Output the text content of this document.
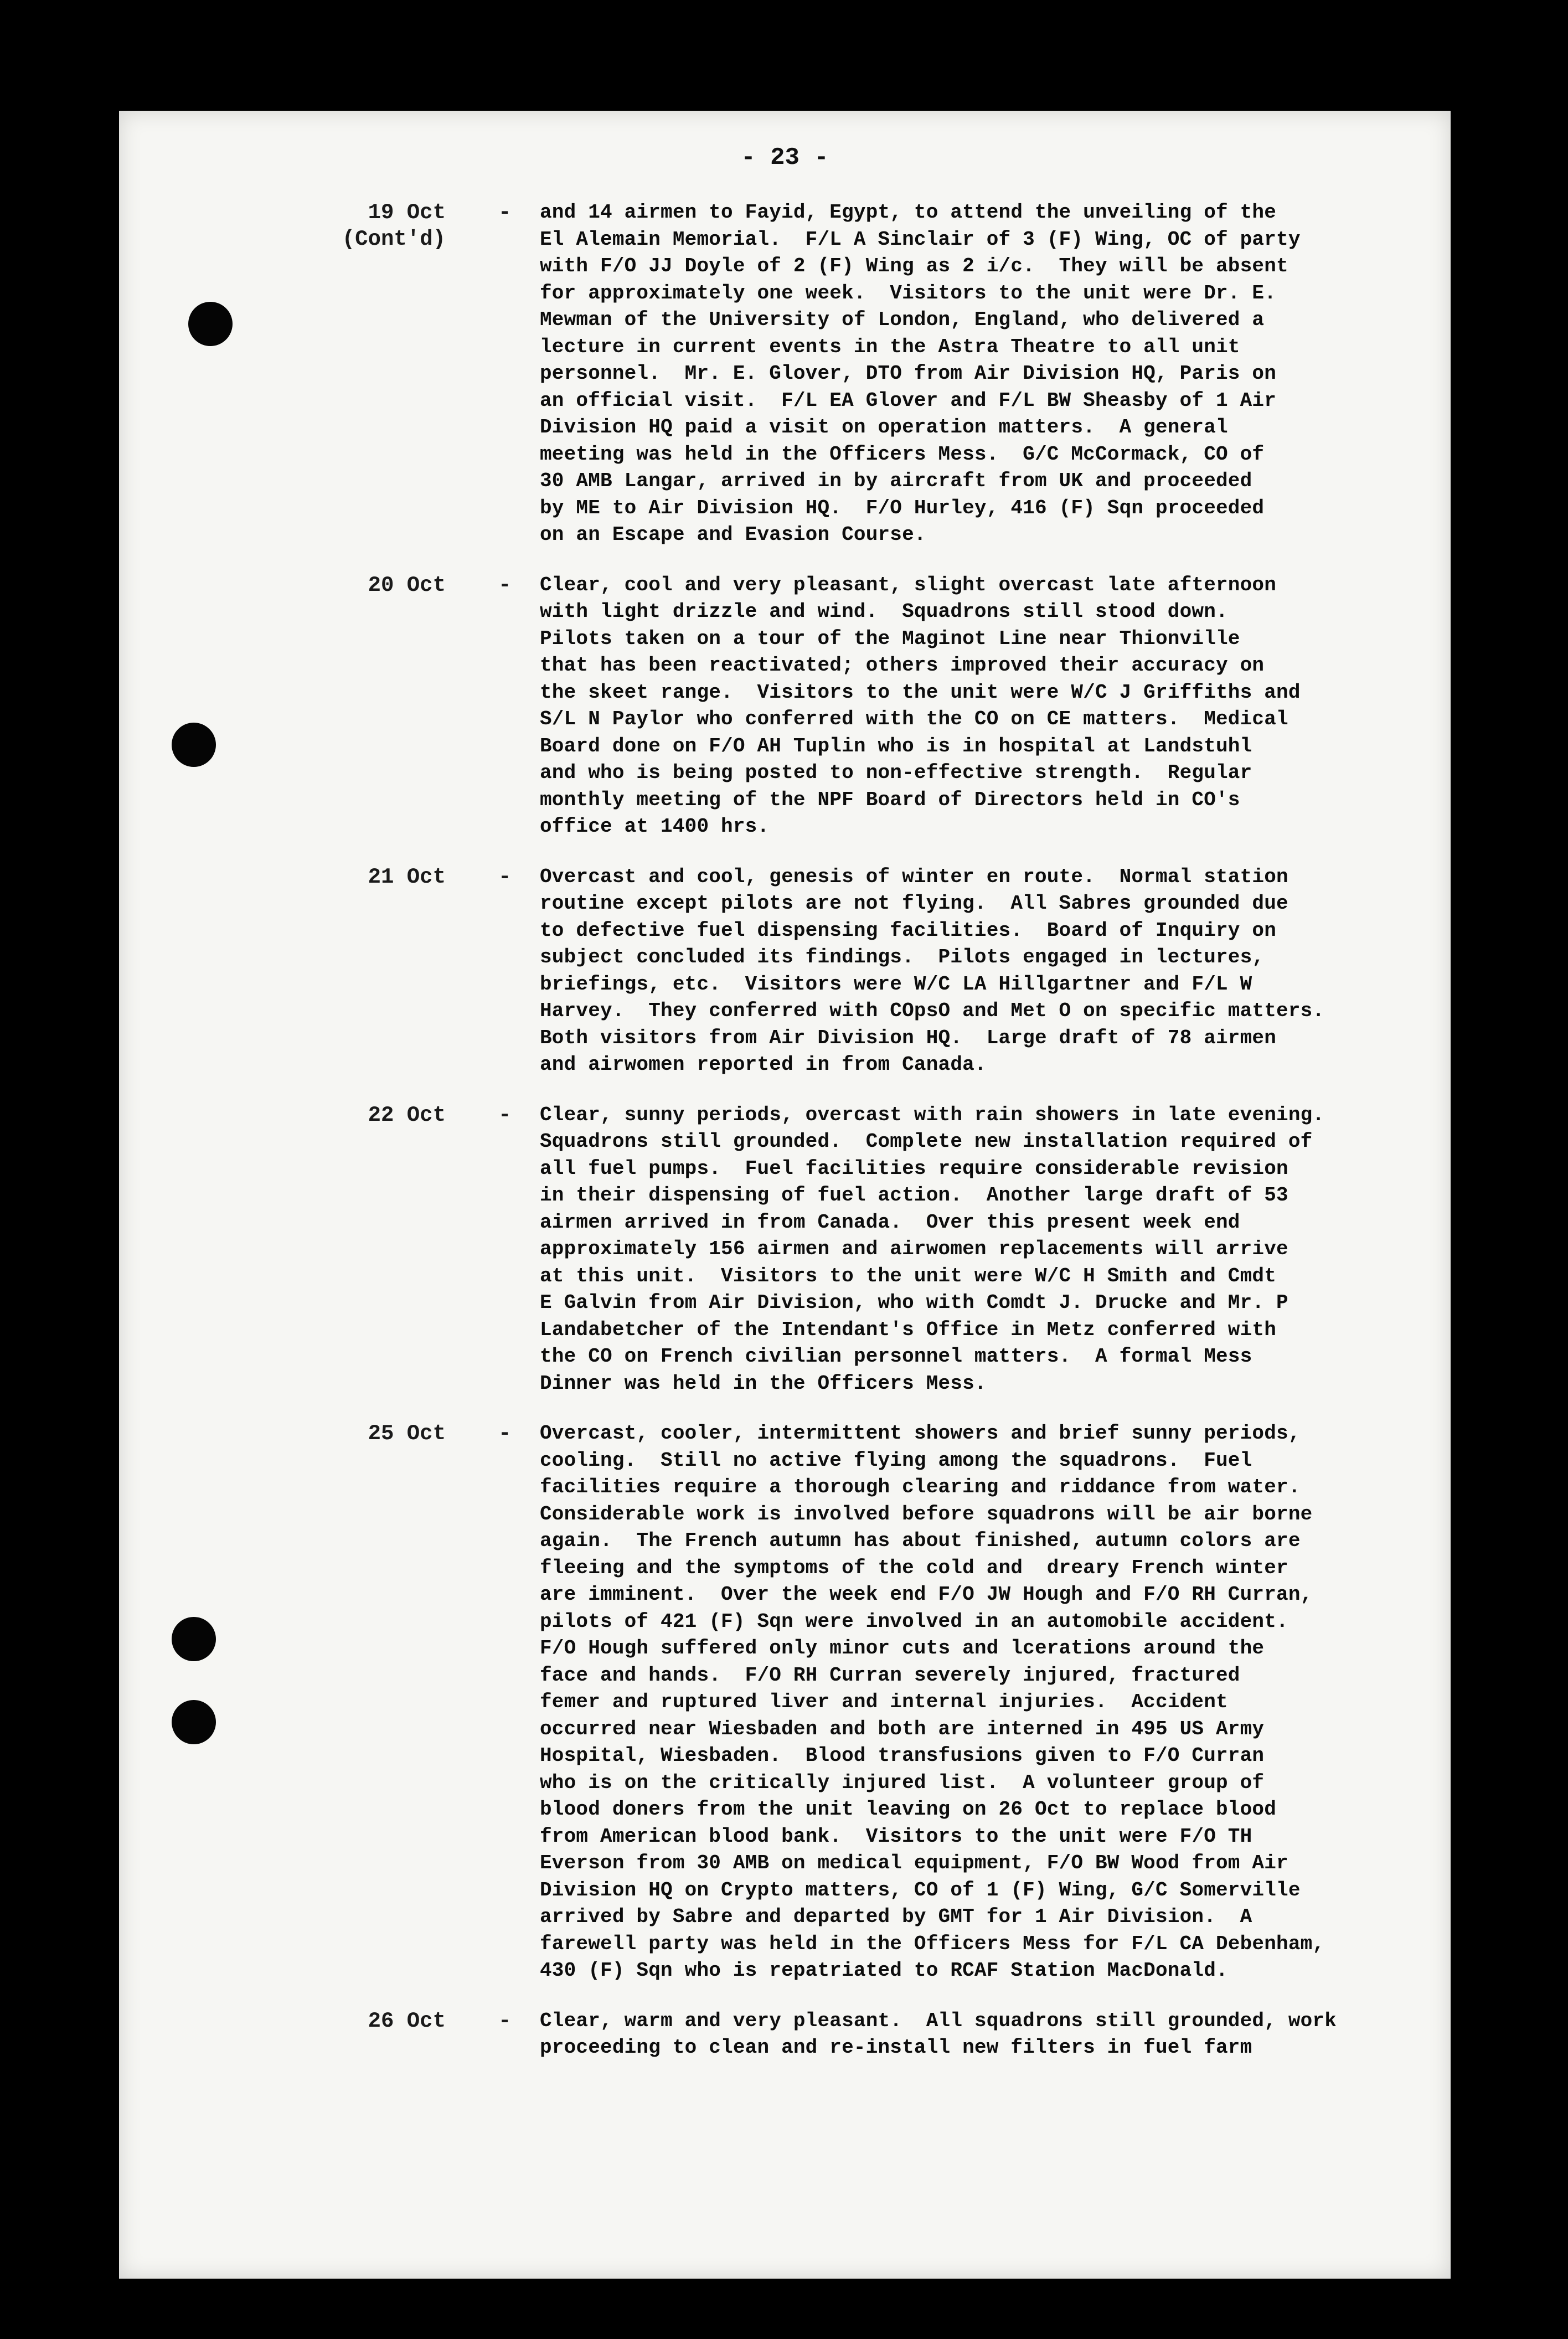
- 23 -
19 Oct
(Cont'd)
- and 14 airmen to Fayid, Egypt, to attend the unveiling of the
El Alemain Memorial.  F/L A Sinclair of 3 (F) Wing, OC of party
with F/O JJ Doyle of 2 (F) Wing as 2 i/c.  They will be absent
for approximately one week.  Visitors to the unit were Dr. E.
Mewman of the University of London, England, who delivered a
lecture in current events in the Astra Theatre to all unit
personnel.  Mr. E. Glover, DTO from Air Division HQ, Paris on
an official visit.  F/L EA Glover and F/L BW Sheasby of 1 Air
Division HQ paid a visit on operation matters.  A general
meeting was held in the Officers Mess.  G/C McCormack, CO of
30 AMB Langar, arrived in by aircraft from UK and proceeded
by ME to Air Division HQ.  F/O Hurley, 416 (F) Sqn proceeded
on an Escape and Evasion Course.
20 Oct - Clear, cool and very pleasant, slight overcast late afternoon
with light drizzle and wind.  Squadrons still stood down.
Pilots taken on a tour of the Maginot Line near Thionville
that has been reactivated; others improved their accuracy on
the skeet range.  Visitors to the unit were W/C J Griffiths and
S/L N Paylor who conferred with the CO on CE matters.  Medical
Board done on F/O AH Tuplin who is in hospital at Landstuhl
and who is being posted to non-effective strength.  Regular
monthly meeting of the NPF Board of Directors held in CO's
office at 1400 hrs.
21 Oct - Overcast and cool, genesis of winter en route.  Normal station
routine except pilots are not flying.  All Sabres grounded due
to defective fuel dispensing facilities.  Board of Inquiry on
subject concluded its findings.  Pilots engaged in lectures,
briefings, etc.  Visitors were W/C LA Hillgartner and F/L W
Harvey.  They conferred with COpsO and Met O on specific matters.
Both visitors from Air Division HQ.  Large draft of 78 airmen
and airwomen reported in from Canada.
22 Oct - Clear, sunny periods, overcast with rain showers in late evening.
Squadrons still grounded.  Complete new installation required of
all fuel pumps.  Fuel facilities require considerable revision
in their dispensing of fuel action.  Another large draft of 53
airmen arrived in from Canada.  Over this present week end
approximately 156 airmen and airwomen replacements will arrive
at this unit.  Visitors to the unit were W/C H Smith and Cmdt
E Galvin from Air Division, who with Comdt J. Drucke and Mr. P
Landabetcher of the Intendant's Office in Metz conferred with
the CO on French civilian personnel matters.  A formal Mess
Dinner was held in the Officers Mess.
25 Oct - Overcast, cooler, intermittent showers and brief sunny periods,
cooling.  Still no active flying among the squadrons.  Fuel
facilities require a thorough clearing and riddance from water.
Considerable work is involved before squadrons will be air borne
again.  The French autumn has about finished, autumn colors are
fleeing and the symptoms of the cold and  dreary French winter
are imminent.  Over the week end F/O JW Hough and F/O RH Curran,
pilots of 421 (F) Sqn were involved in an automobile accident.
F/O Hough suffered only minor cuts and lcerations around the
face and hands.  F/O RH Curran severely injured, fractured
femer and ruptured liver and internal injuries.  Accident
occurred near Wiesbaden and both are interned in 495 US Army
Hospital, Wiesbaden.  Blood transfusions given to F/O Curran
who is on the critically injured list.  A volunteer group of
blood doners from the unit leaving on 26 Oct to replace blood
from American blood bank.  Visitors to the unit were F/O TH
Everson from 30 AMB on medical equipment, F/O BW Wood from Air
Division HQ on Crypto matters, CO of 1 (F) Wing, G/C Somerville
arrived by Sabre and departed by GMT for 1 Air Division.  A
farewell party was held in the Officers Mess for F/L CA Debenham,
430 (F) Sqn who is repatriated to RCAF Station MacDonald.
26 Oct - Clear, warm and very pleasant.  All squadrons still grounded, work
proceeding to clean and re-install new filters in fuel farm
